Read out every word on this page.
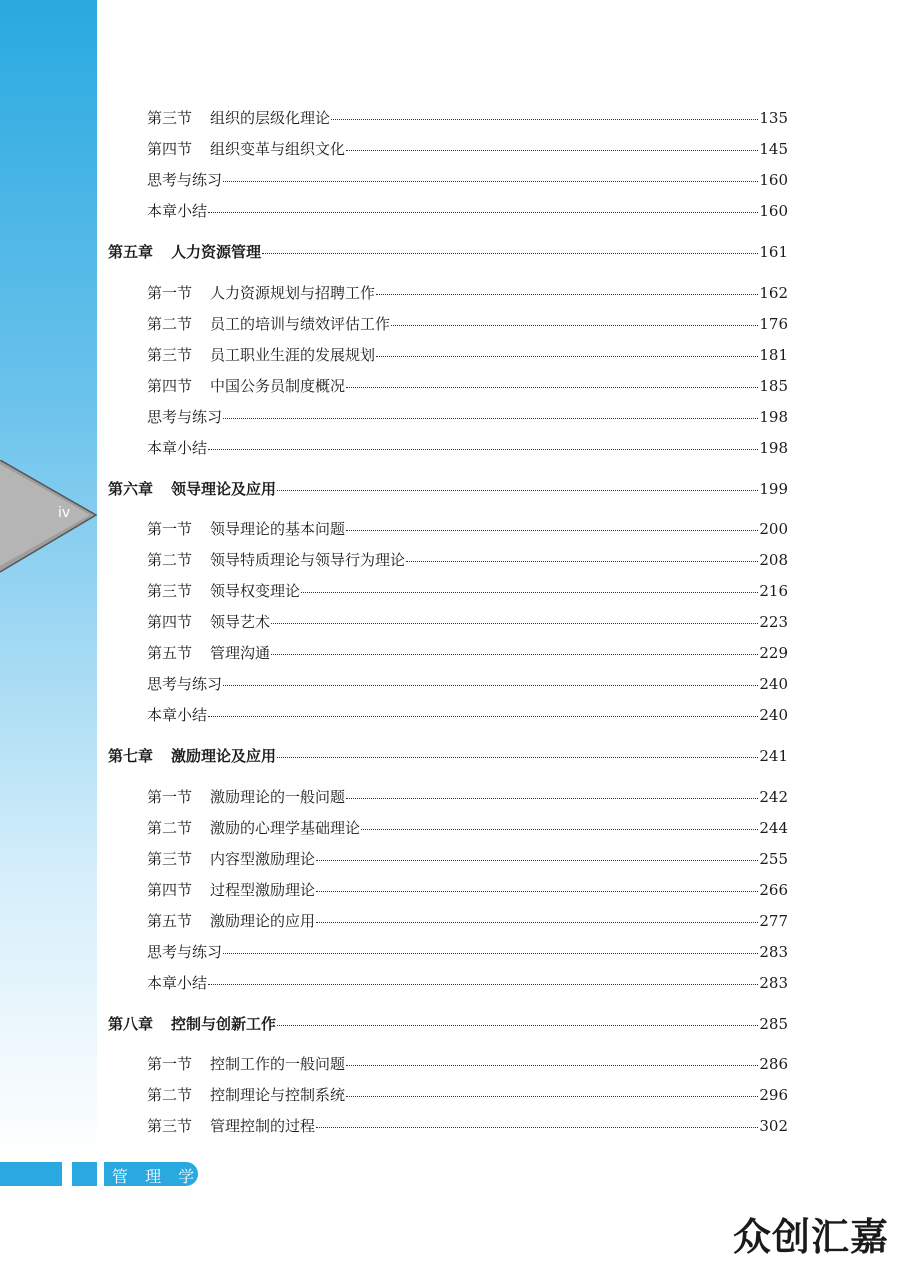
iv
第三节 组织的层级化理论	135
第四节 组织变革与组织文化	145
思考与练习	160
本章小结	160
第五章 人力资源管理	161
第一节 人力资源规划与招聘工作	162
第二节 员工的培训与绩效评估工作	176
第三节 员工职业生涯的发展规划	181
第四节 中国公务员制度概况	185
思考与练习	198
本章小结	198
第六章 领导理论及应用	199
第一节 领导理论的基本问题	200
第二节 领导特质理论与领导行为理论	208
第三节 领导权变理论	216
第四节 领导艺术	223
第五节 管理沟通	229
思考与练习	240
本章小结	240
第七章 激励理论及应用	241
第一节 激励理论的一般问题	242
第二节 激励的心理学基础理论	244
第三节 内容型激励理论	255
第四节 过程型激励理论	266
第五节 激励理论的应用	277
思考与练习	283
本章小结	283
第八章 控制与创新工作	285
第一节 控制工作的一般问题	286
第二节 控制理论与控制系统	296
第三节 管理控制的过程	302
管 理 学
众创汇嘉
